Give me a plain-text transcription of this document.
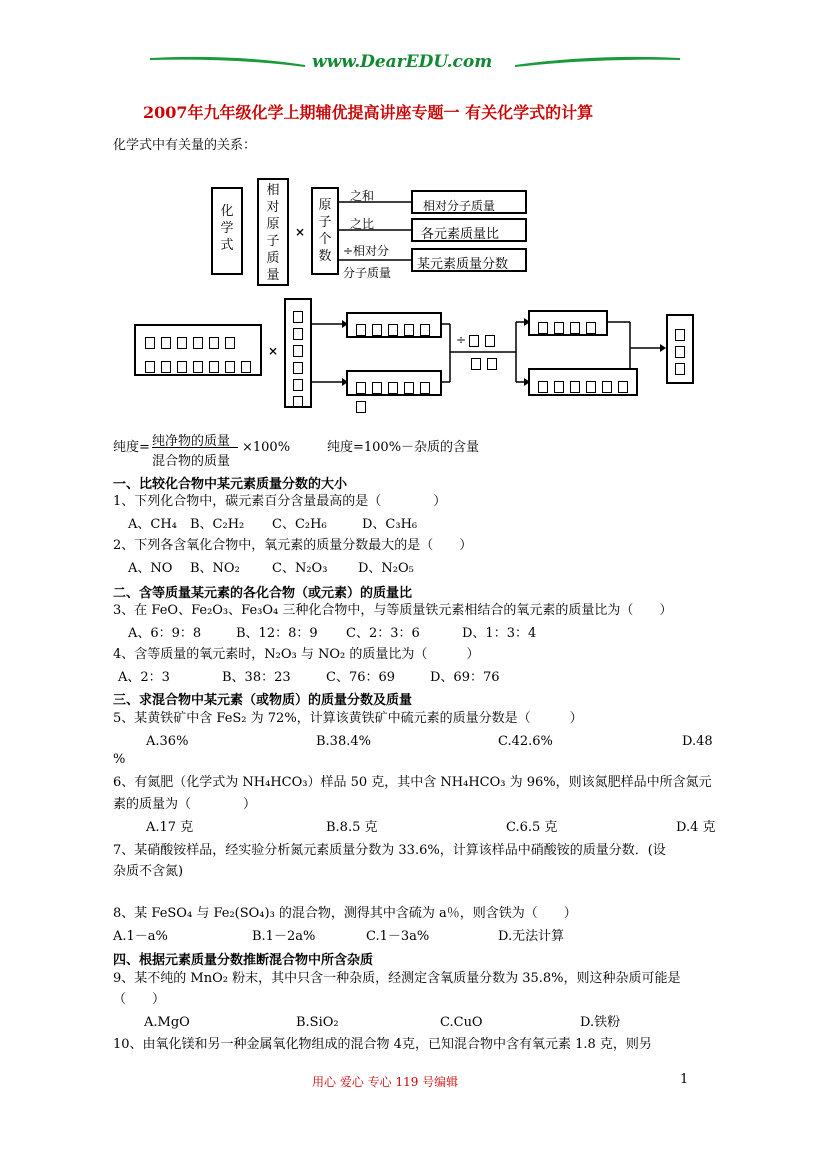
www.DearEDU.com
2007年九年级化学上期辅优提高讲座专题一 有关化学式的计算
化学式中有关量的关系：
化
学
式
相
对
原
子
质
量
×
原
子
个
数
之和
之比
÷相对分
分子质量
相对分子质量
各元素质量比
某元素质量分数
×
÷
纯度= 纯净物的质量
混合物的质量
×100%	纯度=100%－杂质的含量
一、比较化合物中某元素质量分数的大小
1、下列化合物中，碳元素百分含量最高的是（　　　　）
A、CH₄ B、C₂H₂ C、C₂H₆	D、C₃H₆
2、下列各含氧化合物中，氧元素的质量分数最大的是（　　）
A、NO B、NO₂ C、N₂O₃ D、N₂O₅
二、含等质量某元素的各化合物（或元素）的质量比
3、在 FeO、Fe₂O₃、Fe₃O₄ 三种化合物中，与等质量铁元素相结合的氧元素的质量比为（　　）
A、6：9：8	B、12：8：9 C、2：3：6	D、1：3：4
4、含等质量的氧元素时，N₂O₃ 与 NO₂ 的质量比为（　　　）
A、2：3	B、38：23	C、76：69	D、69：76
三、求混合物中某元素（或物质）的质量分数及质量
5、某黄铁矿中含 FeS₂ 为 72%，计算该黄铁矿中硫元素的质量分数是（　　　）
A.36%	B.38.4%	C.42.6%	D.48
%
6、有氮肥（化学式为 NH₄HCO₃）样品 50 克，其中含 NH₄HCO₃ 为 96%，则该氮肥样品中所含氮元
素的质量为（　　　　）
A.17 克	B.8.5 克	C.6.5 克	D.4 克
7、某硝酸铵样品，经实验分析氮元素质量分数为 33.6%，计算该样品中硝酸铵的质量分数．(设
杂质不含氮)
8、某 FeSO₄ 与 Fe₂(SO₄)₃ 的混合物，测得其中含硫为 a％，则含铁为（　　）
A.1－a%	B.1－2a%	C.1－3a%	D.无法计算
四、根据元素质量分数推断混合物中所含杂质
9、某不纯的 MnO₂ 粉末，其中只含一种杂质，经测定含氧质量分数为 35.8%，则这种杂质可能是
（　　）
A.MgO	B.SiO₂	C.CuO	D.铁粉
10、由氧化镁和另一种金属氧化物组成的混合物 4克，已知混合物中含有氧元素 1.8 克，则另
用心 爱心 专心 119 号编辑	1
